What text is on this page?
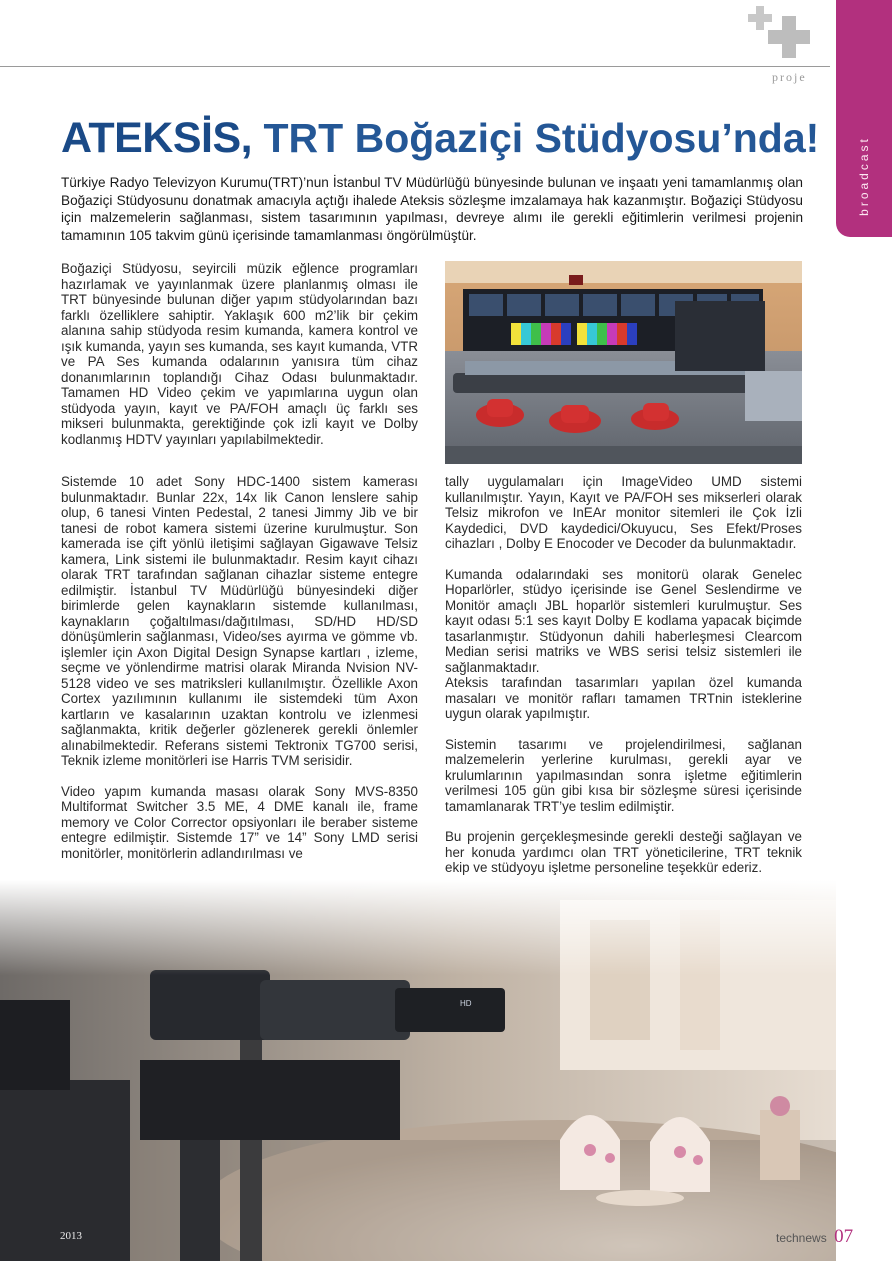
proje
broadcast
ATEKSİS, TRT Boğaziçi Stüdyosu’nda!

Türkiye Radyo Televizyon Kurumu(TRT)’nun İstanbul TV Müdürlüğü bünyesinde bulunan ve inşaatı yeni tamamlanmış olan Boğaziçi Stüdyosunu donatmak amacıyla açtığı ihalede Ateksis sözleşme imzalamaya hak kazanmıştır. Boğaziçi Stüdyosu için malzemelerin sağlanması, sistem tasarımının yapılması, devreye alımı ile gerekli eğitimlerin verilmesi projenin tamamının 105 takvim günü içerisinde tamamlanması öngörülmüştür.

Boğaziçi Stüdyosu, seyircili müzik eğlence programları hazırlamak ve yayınlanmak üzere planlanmış olması ile TRT bünyesinde bulunan diğer yapım stüdyolarından bazı farklı özelliklere sahiptir. Yaklaşık 600 m2’lik bir çekim alanına sahip stüdyoda resim kumanda, kamera kontrol ve ışık kumanda, yayın ses kumanda, ses kayıt kumanda, VTR ve PA Ses kumanda odalarının yanısıra tüm cihaz donanımlarının toplandığı Cihaz Odası bulunmaktadır. Tamamen HD Video çekim ve yapımlarına uygun olan stüdyoda yayın, kayıt ve PA/FOH amaçlı üç farklı ses mikseri bulunmakta, gerektiğinde çok izli kayıt ve Dolby kodlanmış HDTV yayınları yapılabilmektedir.

Sistemde 10 adet Sony HDC-1400 sistem kamerası bulunmaktadır. Bunlar 22x, 14x lik Canon lenslere sahip olup, 6 tanesi Vinten Pedestal, 2 tanesi Jimmy Jib ve bir tanesi de robot kamera sistemi üzerine kurulmuştur. Son kamerada ise çift yönlü iletişimi sağlayan Gigawave Telsiz kamera, Link sistemi ile bulunmaktadır. Resim kayıt cihazı olarak TRT tarafından sağlanan cihazlar sisteme entegre edilmiştir. İstanbul TV Müdürlüğü bünyesindeki diğer birimlerde gelen kaynakların sistemde kullanılması, kaynakların çoğaltılması/dağıtılması, SD/HD HD/SD dönüşümlerin sağlanması, Video/ses ayırma ve gömme vb. işlemler için Axon Digital Design Synapse kartları , izleme, seçme ve yönlendirme matrisi olarak Miranda Nvision NV-5128 video ve ses matriksleri kullanılmıştır. Özellikle Axon Cortex yazılımının kullanımı ile sistemdeki tüm Axon kartların ve kasalarının uzaktan kontrolu ve izlenmesi sağlanmakta, kritik değerler gözlenerek gerekli önlemler alınabilmektedir. Referans sistemi Tektronix TG700 serisi, Teknik izleme monitörleri ise Harris TVM serisidir.

Video yapım kumanda masası olarak Sony MVS-8350 Multiformat Switcher 3.5 ME, 4 DME kanalı ile, frame memory ve Color Corrector opsiyonları ile beraber sisteme entegre edilmiştir. Sistemde 17” ve 14” Sony LMD serisi monitörler, monitörlerin adlandırılması ve

tally uygulamaları için ImageVideo UMD sistemi kullanılmıştır. Yayın, Kayıt ve PA/FOH ses mikserleri olarak Telsiz mikrofon ve InEAr monitor sitemleri ile Çok İzli Kaydedici, DVD kaydedici/Okuyucu, Ses Efekt/Proses cihazları , Dolby E Enocoder ve Decoder da bulunmaktadır.

Kumanda odalarındaki ses monitorü olarak Genelec Hoparlörler, stüdyo içerisinde ise Genel Seslendirme ve Monitör amaçlı JBL hoparlör sistemleri kurulmuştur. Ses kayıt odası 5:1 ses kayıt Dolby E kodlama yapacak biçimde tasarlanmıştır. Stüdyonun dahili haberleşmesi Clearcom Median serisi matriks ve WBS serisi telsiz sistemleri ile sağlanmaktadır.

Ateksis tarafından tasarımları yapılan özel kumanda masaları ve monitör rafları tamamen TRTnin isteklerine uygun olarak yapılmıştır.

Sistemin tasarımı ve projelendirilmesi, sağlanan malzemelerin yerlerine kurulması, gerekli ayar ve krulumlarının yapılmasından sonra işletme eğitimlerin verilmesi 105 gün gibi kısa bir sözleşme süresi içerisinde tamamlanarak TRT’ye teslim edilmiştir.

Bu projenin gerçekleşmesinde gerekli desteği sağlayan ve her konuda yardımcı olan TRT yöneticilerine, TRT teknik ekip ve stüdyoyu işletme personeline teşekkür ederiz.

2013	technews 07
